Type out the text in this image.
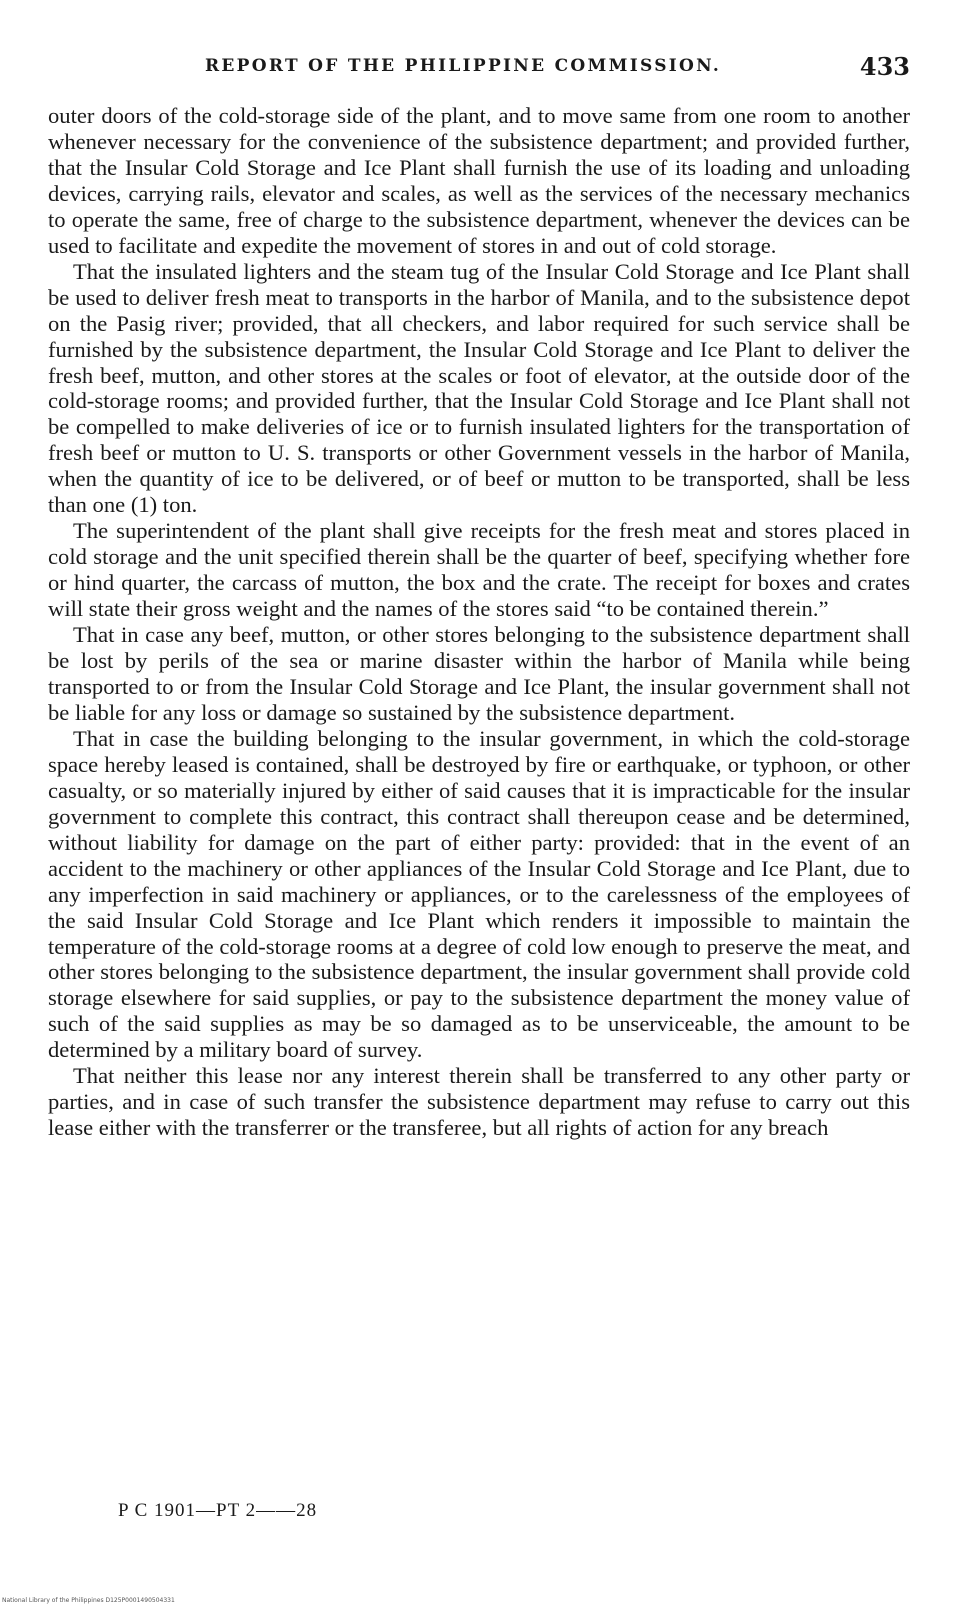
REPORT OF THE PHILIPPINE COMMISSION.	433

outer doors of the cold-storage side of the plant, and to move same from one room to another whenever necessary for the convenience of the subsistence department; and provided further, that the Insular Cold Storage and Ice Plant shall furnish the use of its loading and unloading devices, carrying rails, elevator and scales, as well as the services of the necessary mechanics to operate the same, free of charge to the subsistence department, whenever the devices can be used to facilitate and expedite the movement of stores in and out of cold storage.

That the insulated lighters and the steam tug of the Insular Cold Storage and Ice Plant shall be used to deliver fresh meat to transports in the harbor of Manila, and to the subsistence depot on the Pasig river; provided, that all checkers, and labor required for such service shall be furnished by the subsistence department, the Insular Cold Storage and Ice Plant to deliver the fresh beef, mutton, and other stores at the scales or foot of elevator, at the outside door of the cold-storage rooms; and provided further, that the Insular Cold Storage and Ice Plant shall not be compelled to make deliveries of ice or to furnish insulated lighters for the transportation of fresh beef or mutton to U. S. transports or other Government vessels in the harbor of Manila, when the quantity of ice to be delivered, or of beef or mutton to be transported, shall be less than one (1) ton.

The superintendent of the plant shall give receipts for the fresh meat and stores placed in cold storage and the unit specified therein shall be the quarter of beef, specifying whether fore or hind quarter, the carcass of mutton, the box and the crate. The receipt for boxes and crates will state their gross weight and the names of the stores said “to be contained therein.”

That in case any beef, mutton, or other stores belonging to the subsistence department shall be lost by perils of the sea or marine disaster within the harbor of Manila while being transported to or from the Insular Cold Storage and Ice Plant, the insular government shall not be liable for any loss or damage so sustained by the subsistence department.

That in case the building belonging to the insular government, in which the cold-storage space hereby leased is contained, shall be destroyed by fire or earthquake, or typhoon, or other casualty, or so materially injured by either of said causes that it is impracticable for the insular government to complete this contract, this contract shall thereupon cease and be determined, without liability for damage on the part of either party: provided: that in the event of an accident to the machinery or other appliances of the Insular Cold Storage and Ice Plant, due to any imperfection in said machinery or appliances, or to the carelessness of the employees of the said Insular Cold Storage and Ice Plant which renders it impossible to maintain the temperature of the cold-storage rooms at a degree of cold low enough to preserve the meat, and other stores belonging to the subsistence department, the insular government shall provide cold storage elsewhere for said supplies, or pay to the subsistence department the money value of such of the said supplies as may be so damaged as to be unserviceable, the amount to be determined by a military board of survey.

That neither this lease nor any interest therein shall be transferred to any other party or parties, and in case of such transfer the subsistence department may refuse to carry out this lease either with the transferrer or the transferee, but all rights of action for any breach

P C 1901—PT 2——28
National Library of the Philippines D125P0001490504331
